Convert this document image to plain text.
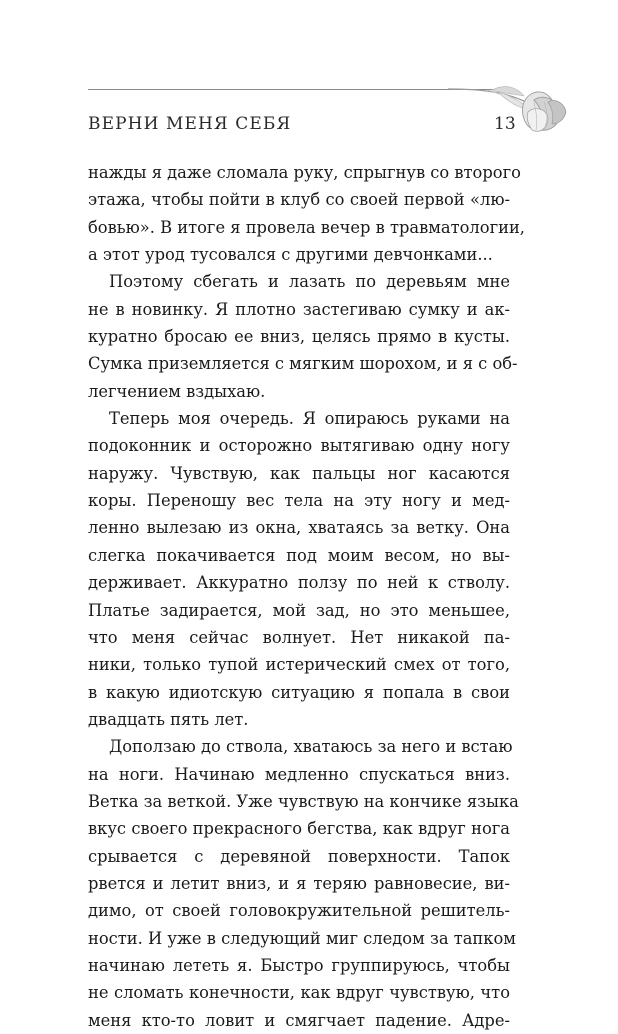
ВЕРНИ МЕНЯ СЕБЯ	13
нажды я даже сломала руку, спрыгнув со второго
этажа, чтобы пойти в клуб со своей первой «лю-
бовью». В итоге я провела вечер в травматологии,
а этот урод тусовался с другими девчонками...
Поэтому сбегать и лазать по деревьям мне
не в новинку. Я плотно застегиваю сумку и ак-
куратно бросаю ее вниз, целясь прямо в кусты.
Сумка приземляется с мягким шорохом, и я с об-
легчением вздыхаю.
Теперь моя очередь. Я опираюсь руками на
подоконник и осторожно вытягиваю одну ногу
наружу. Чувствую, как пальцы ног касаются
коры. Переношу вес тела на эту ногу и мед-
ленно вылезаю из окна, хватаясь за ветку. Она
слегка покачивается под моим весом, но вы-
держивает. Аккуратно ползу по ней к стволу.
Платье задирается, мой зад, но это меньшее,
что меня сейчас волнует. Нет никакой па-
ники, только тупой истерический смех от того,
в какую идиотскую ситуацию я попала в свои
двадцать пять лет.
Доползаю до ствола, хватаюсь за него и встаю
на ноги. Начинаю медленно спускаться вниз.
Ветка за веткой. Уже чувствую на кончике языка
вкус своего прекрасного бегства, как вдруг нога
срывается с деревяной поверхности. Тапок
рвется и летит вниз, и я теряю равновесие, ви-
димо, от своей головокружительной решитель-
ности. И уже в следующий миг следом за тапком
начинаю лететь я. Быстро группируюсь, чтобы
не сломать конечности, как вдруг чувствую, что
меня кто-то ловит и смягчает падение. Адре-
